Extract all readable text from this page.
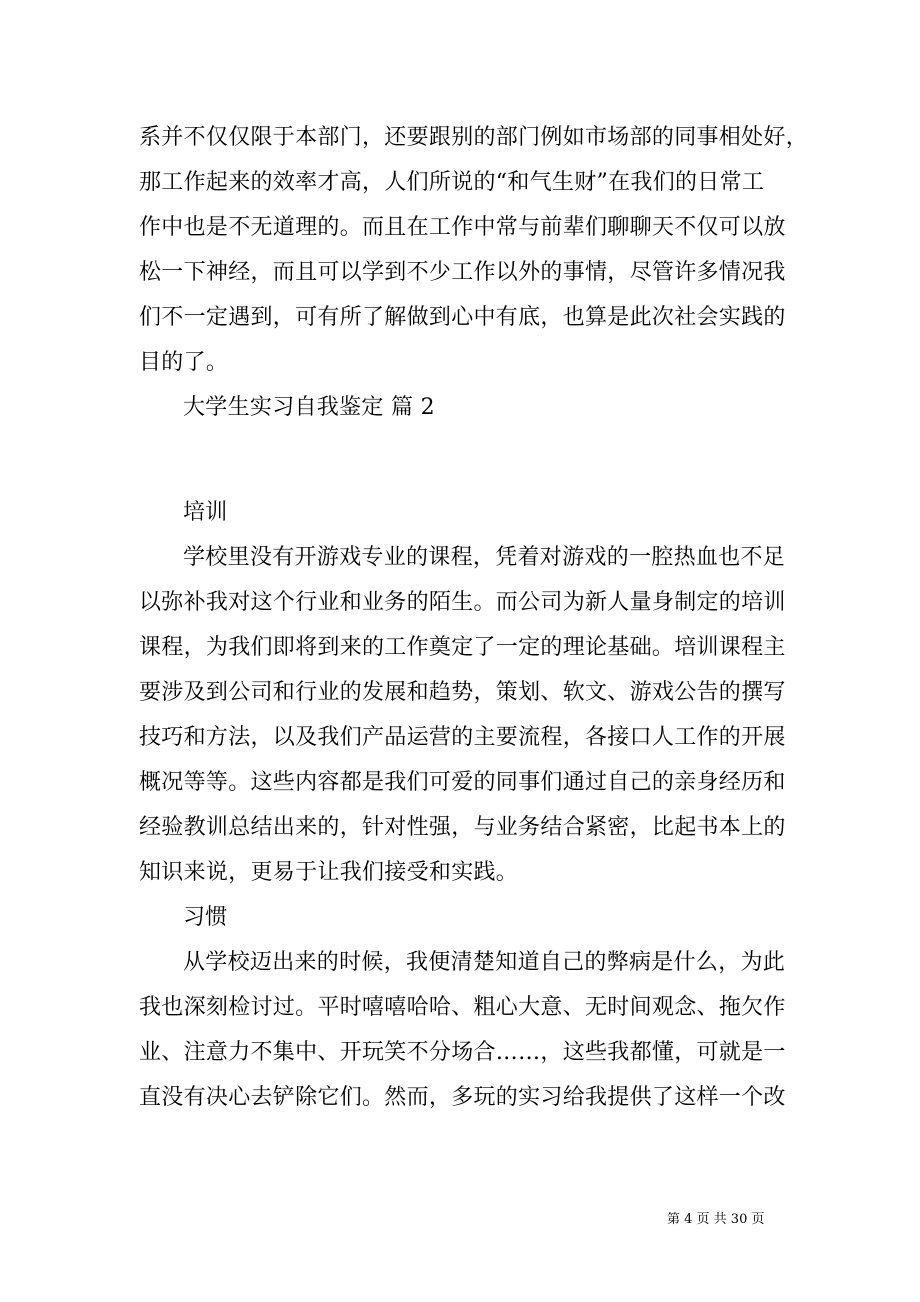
系并不仅仅限于本部门，还要跟别的部门例如市场部的同事相处好，
那工作起来的效率才高，人们所说的“和气生财”在我们的日常工
作中也是不无道理的。而且在工作中常与前辈们聊聊天不仅可以放
松一下神经，而且可以学到不少工作以外的事情，尽管许多情况我
们不一定遇到，可有所了解做到心中有底，也算是此次社会实践的
目的了。
大学生实习自我鉴定 篇 2
培训
学校里没有开游戏专业的课程，凭着对游戏的一腔热血也不足
以弥补我对这个行业和业务的陌生。而公司为新人量身制定的培训
课程，为我们即将到来的工作奠定了一定的理论基础。培训课程主
要涉及到公司和行业的发展和趋势，策划、软文、游戏公告的撰写
技巧和方法，以及我们产品运营的主要流程，各接口人工作的开展
概况等等。这些内容都是我们可爱的同事们通过自己的亲身经历和
经验教训总结出来的，针对性强，与业务结合紧密，比起书本上的
知识来说，更易于让我们接受和实践。
习惯
从学校迈出来的时候，我便清楚知道自己的弊病是什么，为此
我也深刻检讨过。平时嘻嘻哈哈、粗心大意、无时间观念、拖欠作
业、注意力不集中、开玩笑不分场合……，这些我都懂，可就是一
直没有决心去铲除它们。然而，多玩的实习给我提供了这样一个改
第 4 页 共 30 页
